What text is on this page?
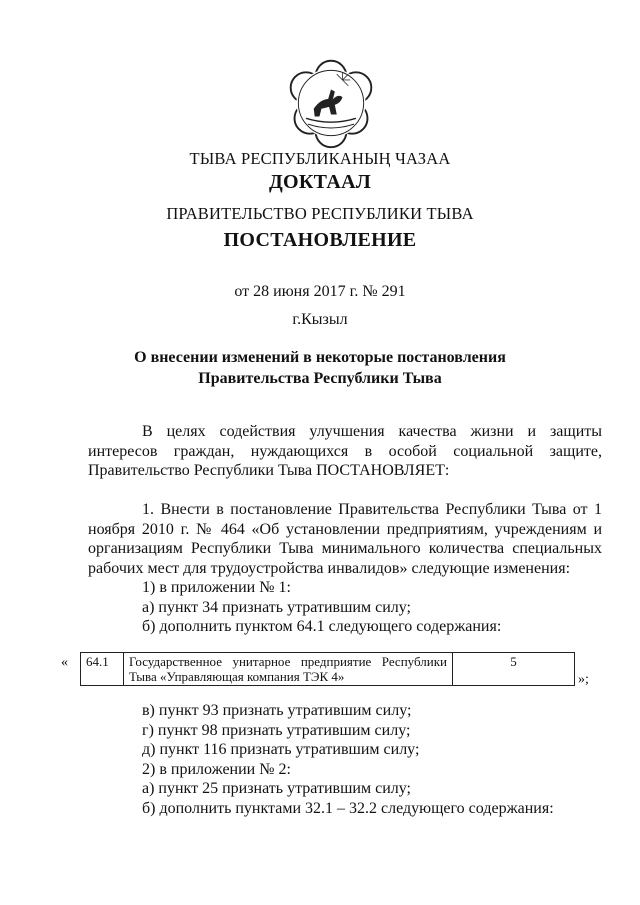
ТЫВА РЕСПУБЛИКАНЫҢ ЧАЗАА
ДОКТААЛ
ПРАВИТЕЛЬСТВО РЕСПУБЛИКИ ТЫВА
ПОСТАНОВЛЕНИЕ
от 28 июня 2017 г. № 291
г.Кызыл
О внесении изменений в некоторые постановления
Правительства Республики Тыва

В целях содействия улучшения качества жизни и защиты интересов граждан, нуждающихся в особой социальной защите, Правительство Республики Тыва ПОСТАНОВЛЯЕТ:

1. Внести в постановление Правительства Республики Тыва от 1 ноября 2010 г. № 464 «Об установлении предприятиям, учреждениям и организациям Республики Тыва минимального количества специальных рабочих мест для трудоустройства инвалидов» следующие изменения:

1) в приложении № 1:

а) пункт 34 признать утратившим силу;

б) дополнить пунктом 64.1 следующего содержания:

« 64.1	Государственное унитарное предприятие Республики Тыва «Управляющая компания ТЭК 4»	5
»;

в) пункт 93 признать утратившим силу;

г) пункт 98 признать утратившим силу;

д) пункт 116 признать утратившим силу;

2) в приложении № 2:

а) пункт 25 признать утратившим силу;

б) дополнить пунктами 32.1 – 32.2 следующего содержания:
